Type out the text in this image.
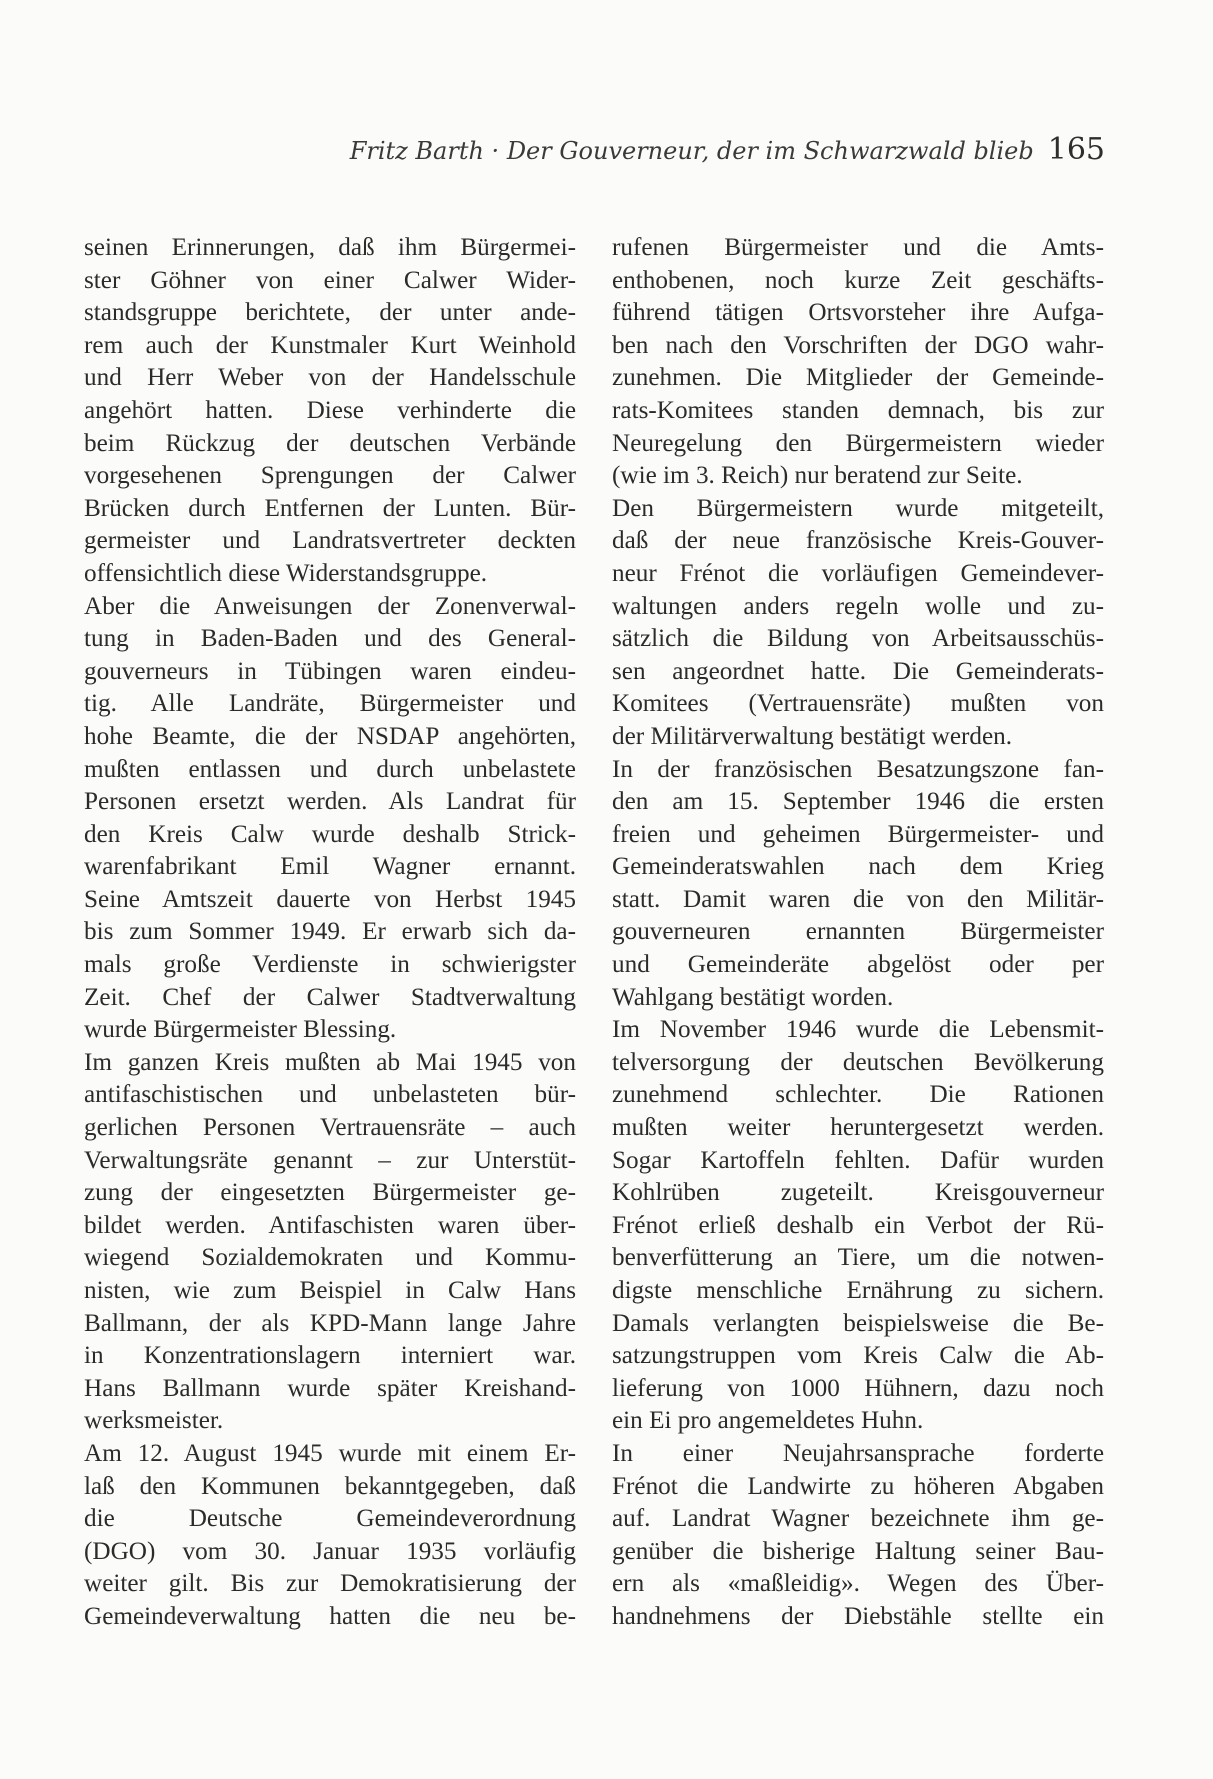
Fritz Barth · Der Gouverneur, der im Schwarzwald blieb 165
seinen Erinnerungen, daß ihm Bürgermei-
ster Göhner von einer Calwer Wider-
standsgruppe berichtete, der unter ande-
rem auch der Kunstmaler Kurt Weinhold
und Herr Weber von der Handelsschule
angehört hatten. Diese verhinderte die
beim Rückzug der deutschen Verbände
vorgesehenen Sprengungen der Calwer
Brücken durch Entfernen der Lunten. Bür-
germeister und Landratsvertreter deckten
offensichtlich diese Widerstandsgruppe.
Aber die Anweisungen der Zonenverwal-
tung in Baden-Baden und des General-
gouverneurs in Tübingen waren eindeu-
tig. Alle Landräte, Bürgermeister und
hohe Beamte, die der NSDAP angehörten,
mußten entlassen und durch unbelastete
Personen ersetzt werden. Als Landrat für
den Kreis Calw wurde deshalb Strick-
warenfabrikant Emil Wagner ernannt.
Seine Amtszeit dauerte von Herbst 1945
bis zum Sommer 1949. Er erwarb sich da-
mals große Verdienste in schwierigster
Zeit. Chef der Calwer Stadtverwaltung
wurde Bürgermeister Blessing.
Im ganzen Kreis mußten ab Mai 1945 von
antifaschistischen und unbelasteten bür-
gerlichen Personen Vertrauensräte – auch
Verwaltungsräte genannt – zur Unterstüt-
zung der eingesetzten Bürgermeister ge-
bildet werden. Antifaschisten waren über-
wiegend Sozialdemokraten und Kommu-
nisten, wie zum Beispiel in Calw Hans
Ballmann, der als KPD-Mann lange Jahre
in Konzentrationslagern interniert war.
Hans Ballmann wurde später Kreishand-
werksmeister.
Am 12. August 1945 wurde mit einem Er-
laß den Kommunen bekanntgegeben, daß
die Deutsche Gemeindeverordnung
(DGO) vom 30. Januar 1935 vorläufig
weiter gilt. Bis zur Demokratisierung der
Gemeindeverwaltung hatten die neu be-
rufenen Bürgermeister und die Amts-
enthobenen, noch kurze Zeit geschäfts-
führend tätigen Ortsvorsteher ihre Aufga-
ben nach den Vorschriften der DGO wahr-
zunehmen. Die Mitglieder der Gemeinde-
rats-Komitees standen demnach, bis zur
Neuregelung den Bürgermeistern wieder
(wie im 3. Reich) nur beratend zur Seite.
Den Bürgermeistern wurde mitgeteilt,
daß der neue französische Kreis-Gouver-
neur Frénot die vorläufigen Gemeindever-
waltungen anders regeln wolle und zu-
sätzlich die Bildung von Arbeitsausschüs-
sen angeordnet hatte. Die Gemeinderats-
Komitees (Vertrauensräte) mußten von
der Militärverwaltung bestätigt werden.
In der französischen Besatzungszone fan-
den am 15. September 1946 die ersten
freien und geheimen Bürgermeister- und
Gemeinderatswahlen nach dem Krieg
statt. Damit waren die von den Militär-
gouverneuren ernannten Bürgermeister
und Gemeinderäte abgelöst oder per
Wahlgang bestätigt worden.
Im November 1946 wurde die Lebensmit-
telversorgung der deutschen Bevölkerung
zunehmend schlechter. Die Rationen
mußten weiter heruntergesetzt werden.
Sogar Kartoffeln fehlten. Dafür wurden
Kohlrüben zugeteilt. Kreisgouverneur
Frénot erließ deshalb ein Verbot der Rü-
benverfütterung an Tiere, um die notwen-
digste menschliche Ernährung zu sichern.
Damals verlangten beispielsweise die Be-
satzungstruppen vom Kreis Calw die Ab-
lieferung von 1000 Hühnern, dazu noch
ein Ei pro angemeldetes Huhn.
In einer Neujahrsansprache forderte
Frénot die Landwirte zu höheren Abgaben
auf. Landrat Wagner bezeichnete ihm ge-
genüber die bisherige Haltung seiner Bau-
ern als «maßleidig». Wegen des Über-
handnehmens der Diebstähle stellte ein
